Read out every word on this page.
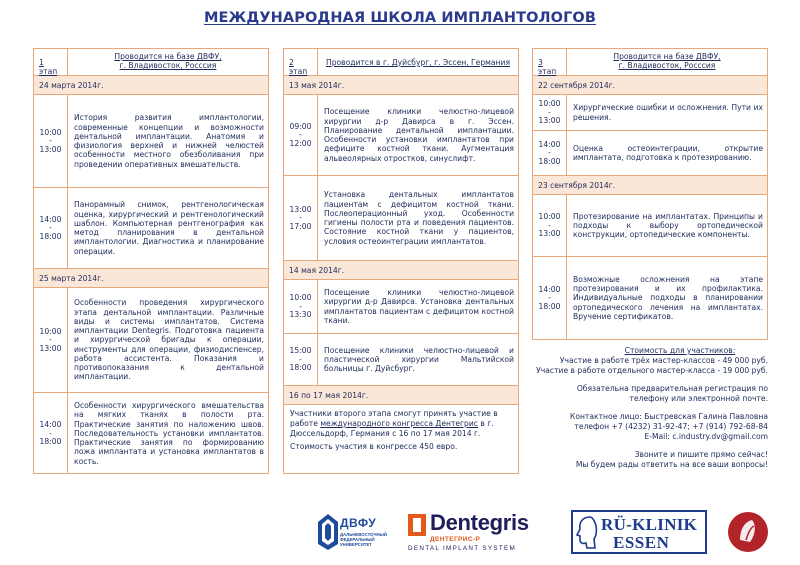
МЕЖДУНАРОДНАЯ ШКОЛА ИМПЛАНТОЛОГОВ
1 этап
Проводится на базе ДВФУ,
г. Владивосток, Росссия
24 марта 2014г.
10:00
-
13:00
История развития имплантологии, современные концепции и возможности дентальной имплантации. Анатомия и физиология верхней и нижней челюстей особенности местного обезболивания при проведении оперативных вмешательств.
14:00
-
18:00
Панорамный снимок, рентгенологическая оценка, хирургический и рентгенологический шаблон. Компьютерная рентгенография как метод планирования в дентальной имплантологии. Диагностика и планирование операции.
25 марта 2014г.
10:00
-
13:00
Особенности проведения хирургического этапа дентальной имплантации. Различные виды и системы имплантатов. Система имплантации Dentegris. Подготовка пациента и хирургической бригады к операции, инструменты для операции, физиодиспенсер, работа ассистента. Показания и противопоказания к дентальной имплантации.
14:00
-
18:00
Особенности хирургического вмешательства на мягких тканях в полости рта. Практические занятия по наложению швов. Последовательность установки имплантатов. Практические занятия по формированию ложа имплантата и установка имплантатов в кость.
2 этап
Проводится в г. Дуйсбург, г. Эссен, Германия
13 мая 2014г.
09:00
-
12:00
Посещение клиники челюстно-лицевой хирургии д-р Давирса в г. Эссен. Планирование дентальной имплантации. Особенности установки имплантатов при дефиците костной ткани. Аугментация альвеолярных отростков, синуслифт.
13:00
-
17:00
Установка дентальных имплантатов пациентам с дефицитом костной ткани. Послеоперационный уход. Особенности гигиены полости рта и поведения пациентов. Состояние костной ткани у пациентов, условия остеоинтеграции имплантатов.
14 мая 2014г.
10:00
-
13:30
Посещение клиники челюстно-лицевой хирургии д-р Давирса. Установка дентальных имплантатов пациентам с дефицитом костной ткани.
15:00
-
18:00
Посещение клиники челюстно-лицевой и пластической хирургии Мальтийской больницы г. Дуйсбург.
16 по 17 мая 2014г.
Участники второго этапа смогут принять участие в работе международного конгресса Дентегрис в г. Дюссельдорф, Германия с 16 по 17 мая 2014 г.
Стоимость участия в конгрессе 450 евро.
3 этап
Проводится на базе ДВФУ,
г. Владивосток, Росссия
22 сентября 2014г.
10:00
-
13:00
Хирургические ошибки и осложнения. Пути их решения.
14:00
-
18:00
Оценка остеоинтеграции, открытие имплантата, подготовка к протезированию.
23 сентября 2014г.
10:00
-
13:00
Протезирование на имплантатах. Принципы и подходы к выбору ортопедической конструкции, ортопедические компоненты.
14:00
-
18:00
Возможные осложнения на этапе протезирования и их профилактика. Индивидуальные подходы в планировании ортопедического лечения на имплантатах. Вручение сертификатов.
Стоимость для участников:
Участие в работе трёх мастер-классов - 49 000 руб.
Участие в работе отдельного мастер-класса - 19 000 руб.
Обязательна предварительная регистрация по
телефону или электронной почте.
Контактное лицо: Быстревская Галина Павловна
телефон +7 (4232) 31-92-47; +7 (914) 792-68-84
E-Mail: c.industry.dv@gmail.com
Звоните и пишите прямо сейчас!
Мы будем рады ответить на все ваши вопросы!
ДВФУ
ДАЛЬНЕВОСТОЧНЫЙ ФЕДЕРАЛЬНЫЙ УНИВЕРСИТЕТ
Dentegris
ДЕНТЕГРИС-Р
DENTAL IMPLANT SYSTEM
RÜ-KLINIK
ESSEN
